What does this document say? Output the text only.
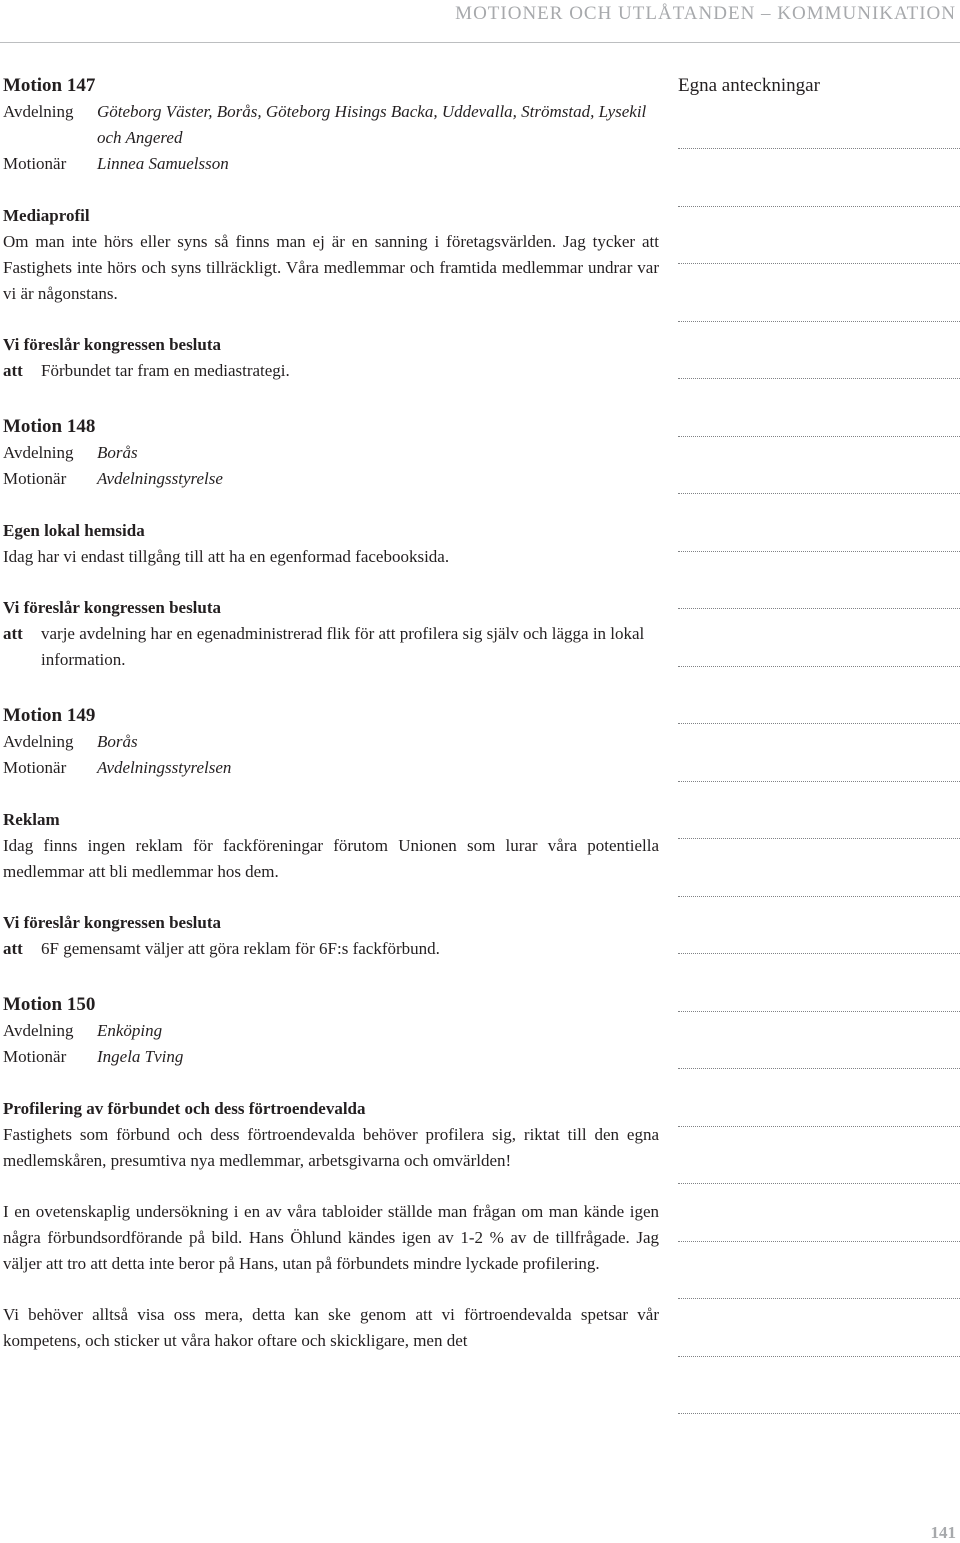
MOTIONER OCH UTLÅTANDEN – KOMMUNIKATION
Motion 147
Avdelning	Göteborg Väster, Borås, Göteborg Hisings Backa, Uddevalla, Strömstad, Lysekil och Angered
Motionär	Linnea Samuelsson
Mediaprofil

Om man inte hörs eller syns så finns man ej är en sanning i företagsvärlden. Jag tycker att Fastighets inte hörs och syns tillräckligt. Våra medlemmar och framtida medlemmar undrar var vi är någonstans.

Vi föreslår kongressen besluta
att	Förbundet tar fram en mediastrategi.
Motion 148
Avdelning	Borås
Motionär	Avdelningsstyrelse
Egen lokal hemsida

Idag har vi endast tillgång till att ha en egenformad facebooksida.

Vi föreslår kongressen besluta
att	varje avdelning har en egenadministrerad flik för att profilera sig själv och lägga in lokal information.
Motion 149
Avdelning	Borås
Motionär	Avdelningsstyrelsen
Reklam

Idag finns ingen reklam för fackföreningar förutom Unionen som lurar våra potentiella medlemmar att bli medlemmar hos dem.

Vi föreslår kongressen besluta
att	6F gemensamt väljer att göra reklam för 6F:s fackförbund.
Motion 150
Avdelning	Enköping
Motionär	Ingela Tving
Profilering av förbundet och dess förtroendevalda

Fastighets som förbund och dess förtroendevalda behöver profilera sig, riktat till den egna medlemskåren, presumtiva nya medlemmar, arbetsgivarna och omvärlden!

I en ovetenskaplig undersökning i en av våra tabloider ställde man frågan om man kände igen några förbundsordförande på bild. Hans Öhlund kändes igen av 1-2 % av de tillfrågade. Jag väljer att tro att detta inte beror på Hans, utan på förbundets mindre lyckade profilering.

Vi behöver alltså visa oss mera, detta kan ske genom att vi förtroendevalda spetsar vår kompetens, och sticker ut våra hakor oftare och skickligare, men det

Egna anteckningar
141
